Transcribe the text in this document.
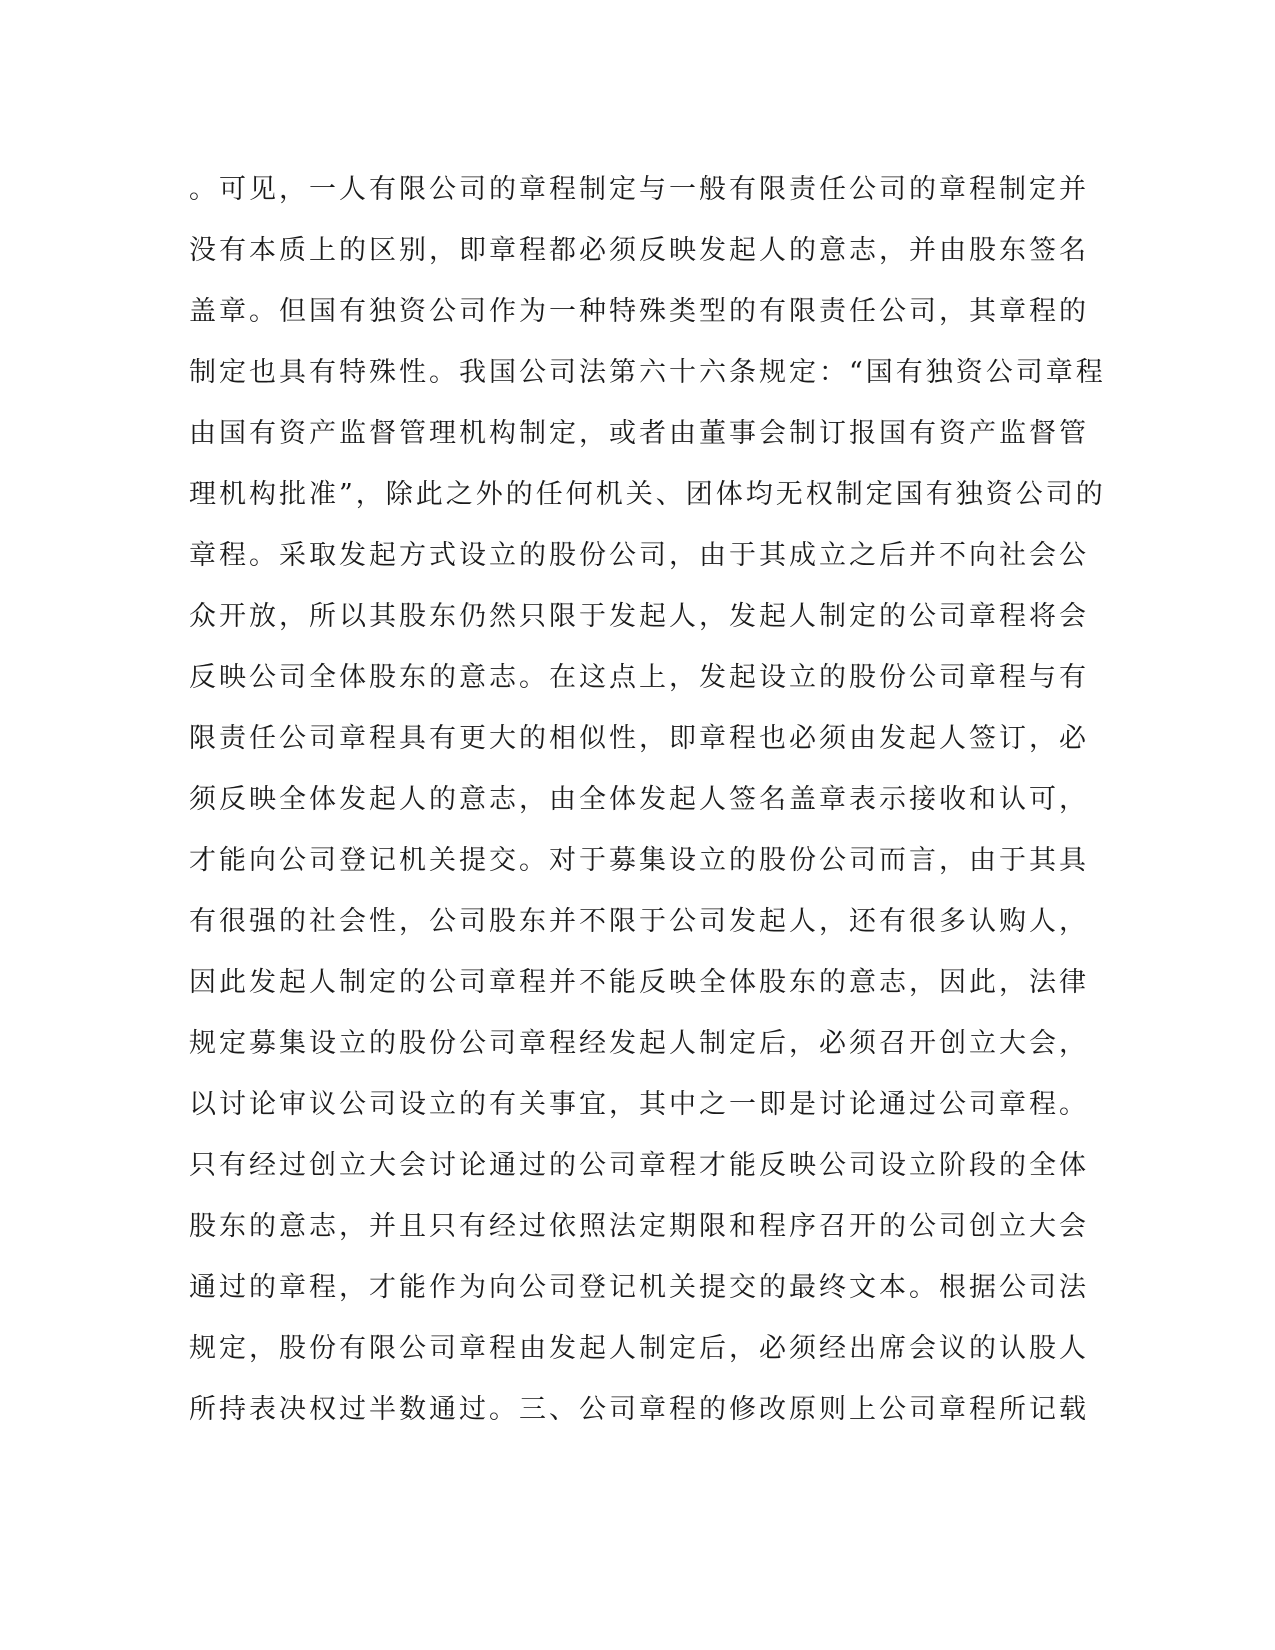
。可见，一人有限公司的章程制定与一般有限责任公司的章程制定并
没有本质上的区别，即章程都必须反映发起人的意志，并由股东签名
盖章。但国有独资公司作为一种特殊类型的有限责任公司，其章程的
制定也具有特殊性。我国公司法第六十六条规定：“国有独资公司章程
由国有资产监督管理机构制定，或者由董事会制订报国有资产监督管
理机构批准”，除此之外的任何机关、团体均无权制定国有独资公司的
章程。采取发起方式设立的股份公司，由于其成立之后并不向社会公
众开放，所以其股东仍然只限于发起人，发起人制定的公司章程将会
反映公司全体股东的意志。在这点上，发起设立的股份公司章程与有
限责任公司章程具有更大的相似性，即章程也必须由发起人签订，必
须反映全体发起人的意志，由全体发起人签名盖章表示接收和认可，
才能向公司登记机关提交。对于募集设立的股份公司而言，由于其具
有很强的社会性，公司股东并不限于公司发起人，还有很多认购人，
因此发起人制定的公司章程并不能反映全体股东的意志，因此，法律
规定募集设立的股份公司章程经发起人制定后，必须召开创立大会，
以讨论审议公司设立的有关事宜，其中之一即是讨论通过公司章程。
只有经过创立大会讨论通过的公司章程才能反映公司设立阶段的全体
股东的意志，并且只有经过依照法定期限和程序召开的公司创立大会
通过的章程，才能作为向公司登记机关提交的最终文本。根据公司法
规定，股份有限公司章程由发起人制定后，必须经出席会议的认股人
所持表决权过半数通过。三、公司章程的修改原则上公司章程所记载
